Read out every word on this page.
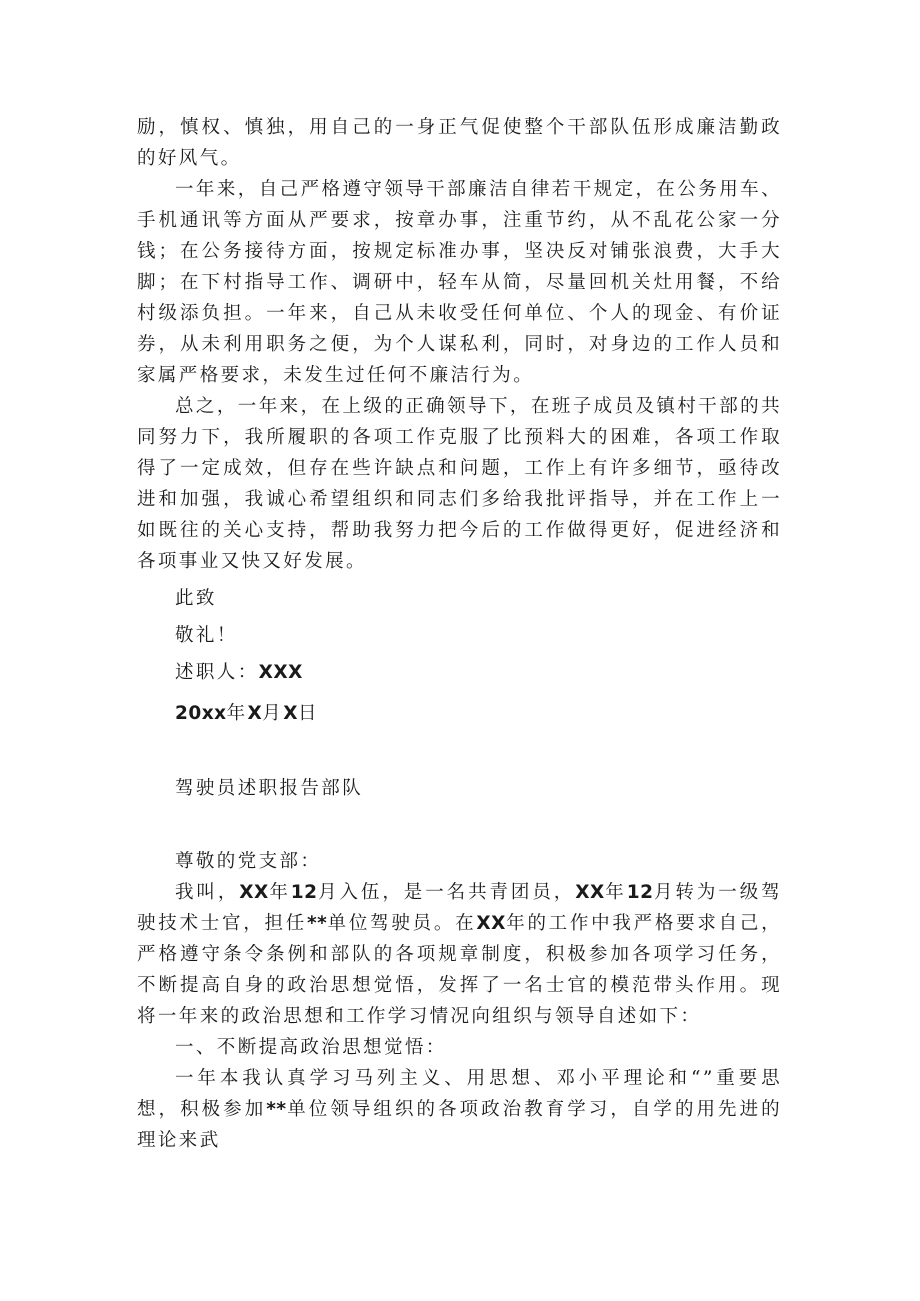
励，慎权、慎独，用自己的一身正气促使整个干部队伍形成廉洁勤政的好风气。

一年来，自己严格遵守领导干部廉洁自律若干规定，在公务用车、手机通讯等方面从严要求，按章办事，注重节约，从不乱花公家一分钱；在公务接待方面，按规定标准办事，坚决反对铺张浪费，大手大脚；在下村指导工作、调研中，轻车从简，尽量回机关灶用餐，不给村级添负担。一年来，自己从未收受任何单位、个人的现金、有价证券，从未利用职务之便，为个人谋私利，同时，对身边的工作人员和家属严格要求，未发生过任何不廉洁行为。

总之，一年来，在上级的正确领导下，在班子成员及镇村干部的共同努力下，我所履职的各项工作克服了比预料大的困难，各项工作取得了一定成效，但存在些许缺点和问题，工作上有许多细节，亟待改进和加强，我诚心希望组织和同志们多给我批评指导，并在工作上一如既往的关心支持，帮助我努力把今后的工作做得更好，促进经济和各项事业又快又好发展。

此致

敬礼！

述职人：XXX

20xx年X月X日

驾驶员述职报告部队

尊敬的党支部：

我叫，XX年12月入伍，是一名共青团员，XX年12月转为一级驾驶技术士官，担任**单位驾驶员。在XX年的工作中我严格要求自己，严格遵守条令条例和部队的各项规章制度，积极参加各项学习任务，不断提高自身的政治思想觉悟，发挥了一名士官的模范带头作用。现将一年来的政治思想和工作学习情况向组织与领导自述如下：

一、不断提高政治思想觉悟：

一年本我认真学习马列主义、用思想、邓小平理论和“”重要思想，积极参加**单位领导组织的各项政治教育学习，自学的用先进的理论来武
